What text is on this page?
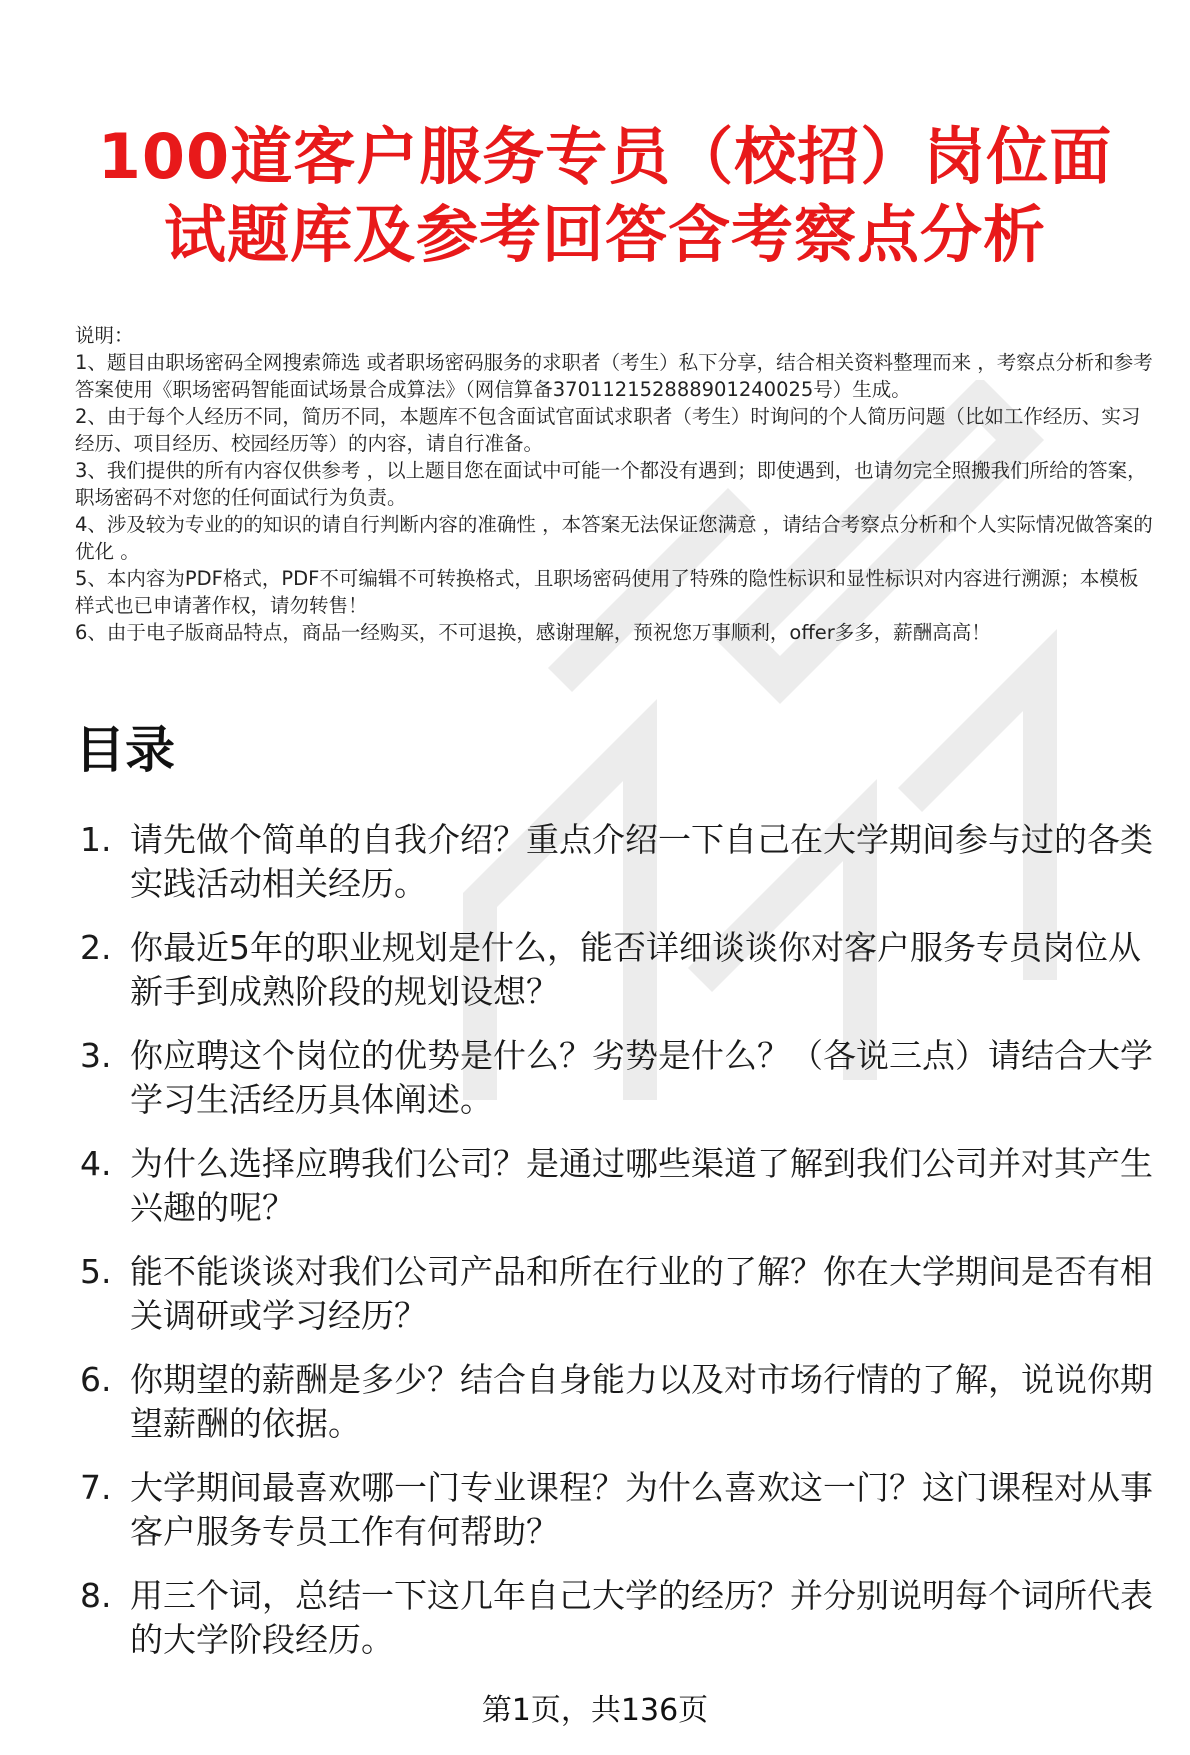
100道客户服务专员（校招）岗位面
试题库及参考回答含考察点分析

说明：

1、题目由职场密码全网搜索筛选 或者职场密码服务的求职者（考生）私下分享，结合相关资料整理而来 ，考察点分析和参考答案使用《职场密码智能面试场景合成算法》（网信算备370112152888901240025号）生成。

2、由于每个人经历不同，简历不同，本题库不包含面试官面试求职者（考生）时询问的个人简历问题（比如工作经历、实习经历、项目经历、校园经历等）的内容，请自行准备。

3、我们提供的所有内容仅供参考 ，以上题目您在面试中可能一个都没有遇到；即使遇到，也请勿完全照搬我们所给的答案，职场密码不对您的任何面试行为负责。

4、涉及较为专业的的知识的请自行判断内容的准确性 ，本答案无法保证您满意 ，请结合考察点分析和个人实际情况做答案的优化 。

5、本内容为PDF格式，PDF不可编辑不可转换格式，且职场密码使用了特殊的隐性标识和显性标识对内容进行溯源；本模板样式也已申请著作权，请勿转售！

6、由于电子版商品特点，商品一经购买，不可退换，感谢理解，预祝您万事顺利，offer多多，薪酬高高！

目录
1. 请先做个简单的自我介绍？重点介绍一下自己在大学期间参与过的各类实践活动相关经历。
2. 你最近5年的职业规划是什么，能否详细谈谈你对客户服务专员岗位从新手到成熟阶段的规划设想？
3. 你应聘这个岗位的优势是什么？劣势是什么？（各说三点）请结合大学学习生活经历具体阐述。
4. 为什么选择应聘我们公司？是通过哪些渠道了解到我们公司并对其产生兴趣的呢？
5. 能不能谈谈对我们公司产品和所在行业的了解？你在大学期间是否有相关调研或学习经历？
6. 你期望的薪酬是多少？结合自身能力以及对市场行情的了解，说说你期望薪酬的依据。
7. 大学期间最喜欢哪一门专业课程？为什么喜欢这一门？这门课程对从事客户服务专员工作有何帮助？
8. 用三个词，总结一下这几年自己大学的经历？并分别说明每个词所代表的大学阶段经历。
第1页，共136页
